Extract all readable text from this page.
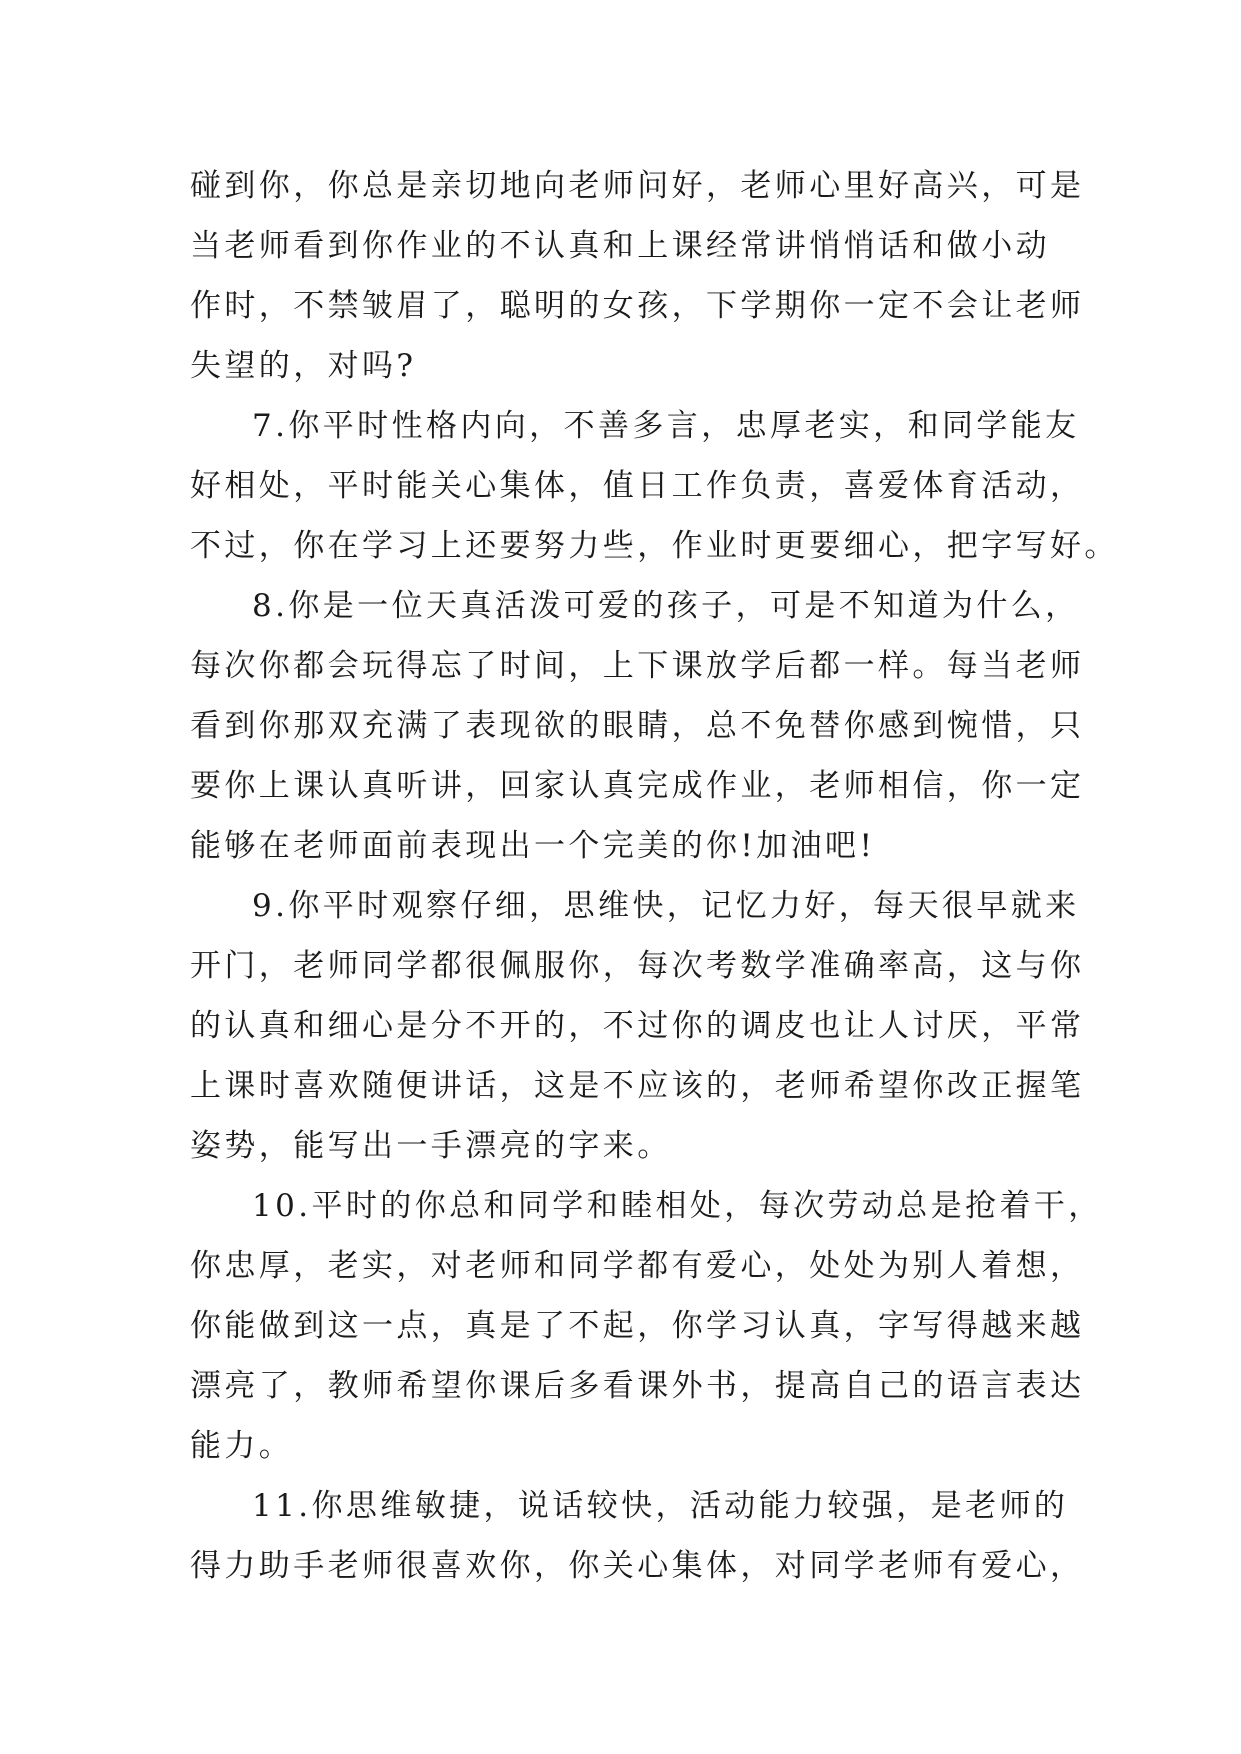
碰到你，你总是亲切地向老师问好，老师心里好高兴，可是
当老师看到你作业的不认真和上课经常讲悄悄话和做小动
作时，不禁皱眉了，聪明的女孩，下学期你一定不会让老师
失望的，对吗?

7.你平时性格内向，不善多言，忠厚老实，和同学能友
好相处，平时能关心集体，值日工作负责，喜爱体育活动，
不过，你在学习上还要努力些，作业时更要细心，把字写好。

8.你是一位天真活泼可爱的孩子，可是不知道为什么，
每次你都会玩得忘了时间，上下课放学后都一样。每当老师
看到你那双充满了表现欲的眼睛，总不免替你感到惋惜，只
要你上课认真听讲，回家认真完成作业，老师相信，你一定
能够在老师面前表现出一个完美的你!加油吧!

9.你平时观察仔细，思维快，记忆力好，每天很早就来
开门，老师同学都很佩服你，每次考数学准确率高，这与你
的认真和细心是分不开的，不过你的调皮也让人讨厌，平常
上课时喜欢随便讲话，这是不应该的，老师希望你改正握笔
姿势，能写出一手漂亮的字来。

10.平时的你总和同学和睦相处，每次劳动总是抢着干，
你忠厚，老实，对老师和同学都有爱心，处处为别人着想，
你能做到这一点，真是了不起，你学习认真，字写得越来越
漂亮了，教师希望你课后多看课外书，提高自己的语言表达
能力。

11.你思维敏捷，说话较快，活动能力较强，是老师的
得力助手老师很喜欢你，你关心集体，对同学老师有爱心，
